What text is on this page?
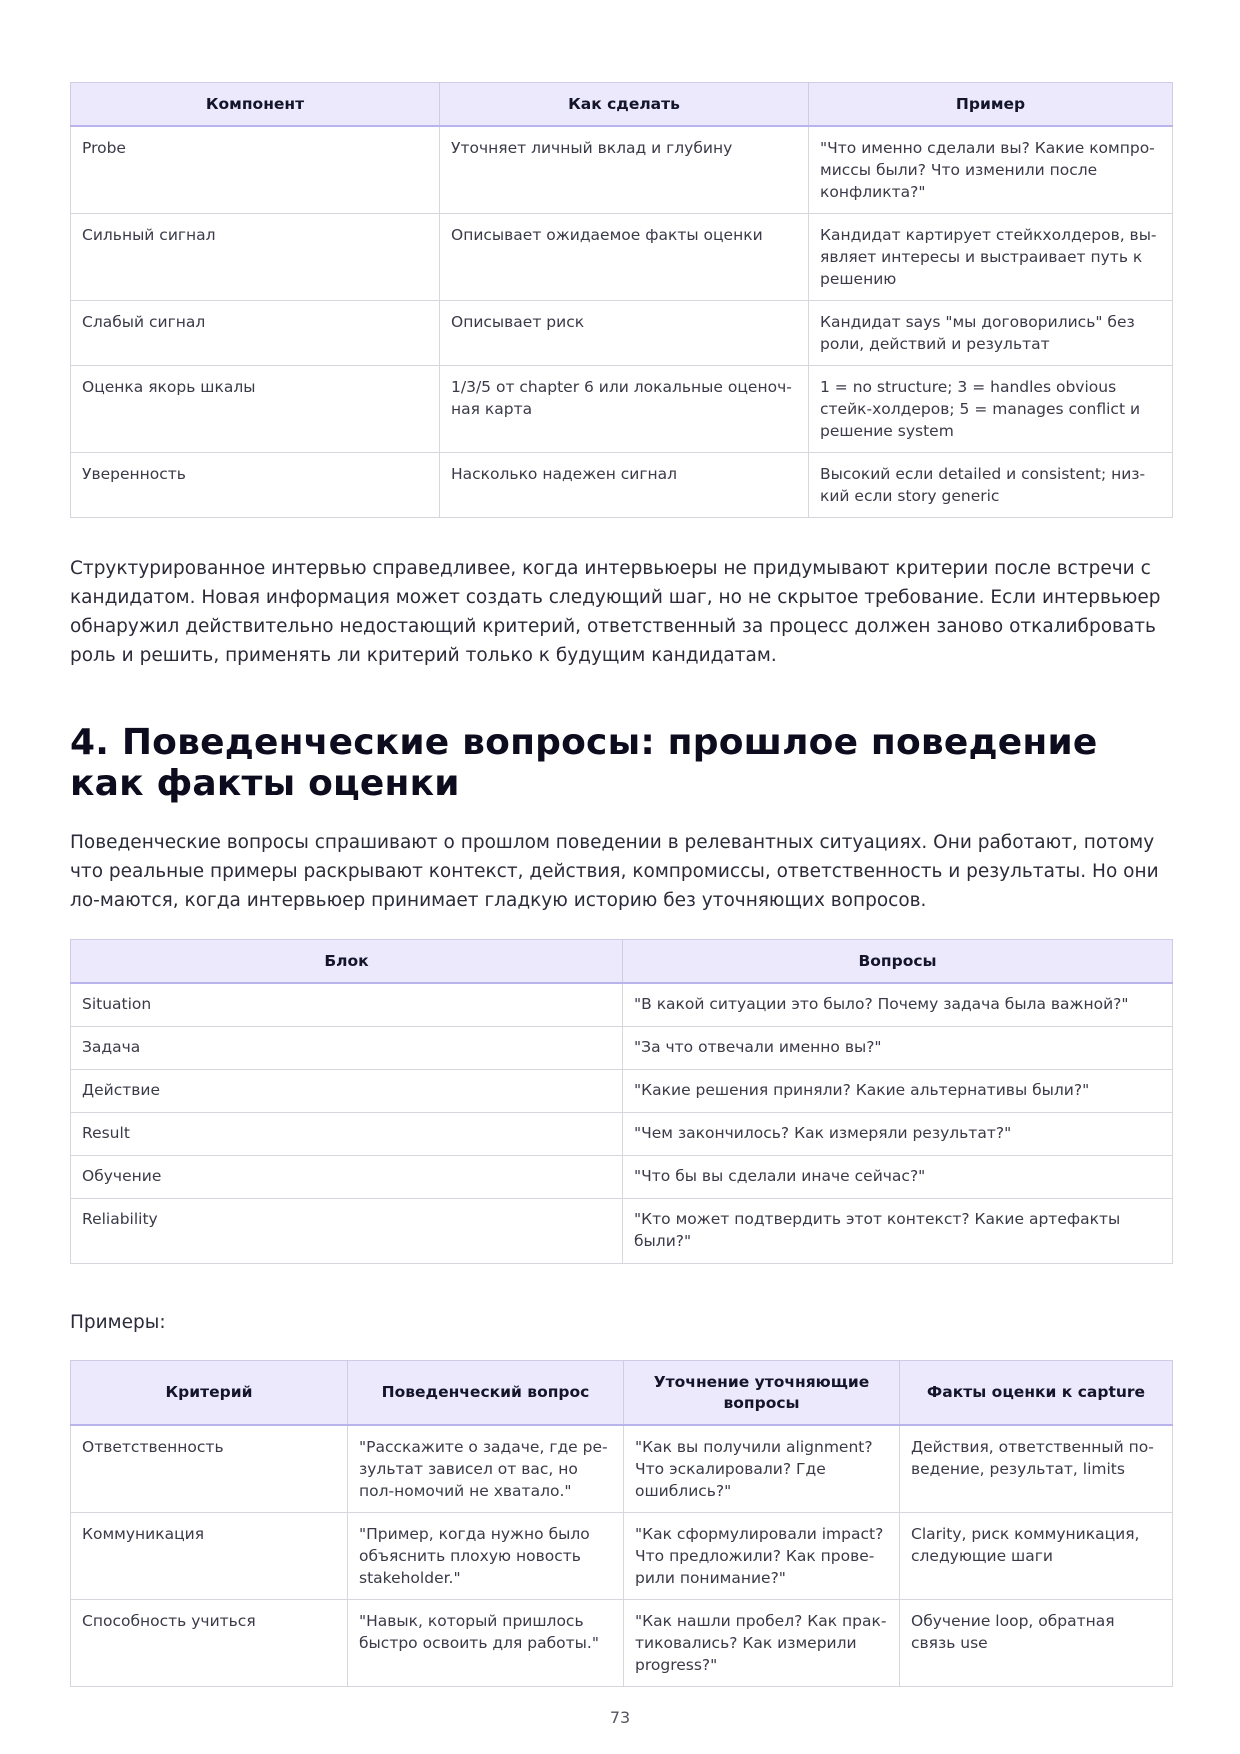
Компонент	Как сделать	Пример
Probe	Уточняет личный вклад и глубину	"Что именно сделали вы? Какие компро-миссы были? Что изменили после конфликта?"
Сильный сигнал	Описывает ожидаемое факты оценки	Кандидат картирует стейкхолдеров, вы-являет интересы и выстраивает путь к решению
Слабый сигнал	Описывает риск	Кандидат says "мы договорились" без роли, действий и результат
Оценка якорь шкалы	1/3/5 от chapter 6 или локальные оценоч-ная карта	1 = no structure; 3 = handles obvious стейк-холдеров; 5 = manages conflict и решение system
Уверенность	Насколько надежен сигнал	Высокий если detailed и consistent; низ-кий если story generic

Структурированное интервью справедливее, когда интервьюеры не придумывают критерии после встречи с кандидатом. Новая информация может создать следующий шаг, но не скрытое требование. Если интервьюер обнаружил действительно недостающий критерий, ответственный за процесс должен заново откалибровать роль и решить, применять ли критерий только к будущим кандидатам.

4. Поведенческие вопросы: прошлое поведение как факты оценки

Поведенческие вопросы спрашивают о прошлом поведении в релевантных ситуациях. Они работают, потому что реальные примеры раскрывают контекст, действия, компромиссы, ответственность и результаты. Но они ло-маются, когда интервьюер принимает гладкую историю без уточняющих вопросов.

Блок	Вопросы
Situation	"В какой ситуации это было? Почему задача была важной?"
Задача	"За что отвечали именно вы?"
Действие	"Какие решения приняли? Какие альтернативы были?"
Result	"Чем закончилось? Как измеряли результат?"
Обучение	"Что бы вы сделали иначе сейчас?"
Reliability	"Кто может подтвердить этот контекст? Какие артефакты были?"

Примеры:

Критерий	Поведенческий вопрос	Уточнение уточняющие вопросы	Факты оценки к capture
Ответственность	"Расскажите о задаче, где ре-зультат зависел от вас, но пол-номочий не хватало."	"Как вы получили alignment? Что эскалировали? Где ошиблись?"	Действия, ответственный по-ведение, результат, limits
Коммуникация	"Пример, когда нужно было объяснить плохую новость stakeholder."	"Как сформулировали impact? Что предложили? Как прове-рили понимание?"	Clarity, риск коммуникация, следующие шаги
Способность учиться	"Навык, который пришлось быстро освоить для работы."	"Как нашли пробел? Как прак-тиковались? Как измерили progress?"	Обучение loop, обратная связь use
73
